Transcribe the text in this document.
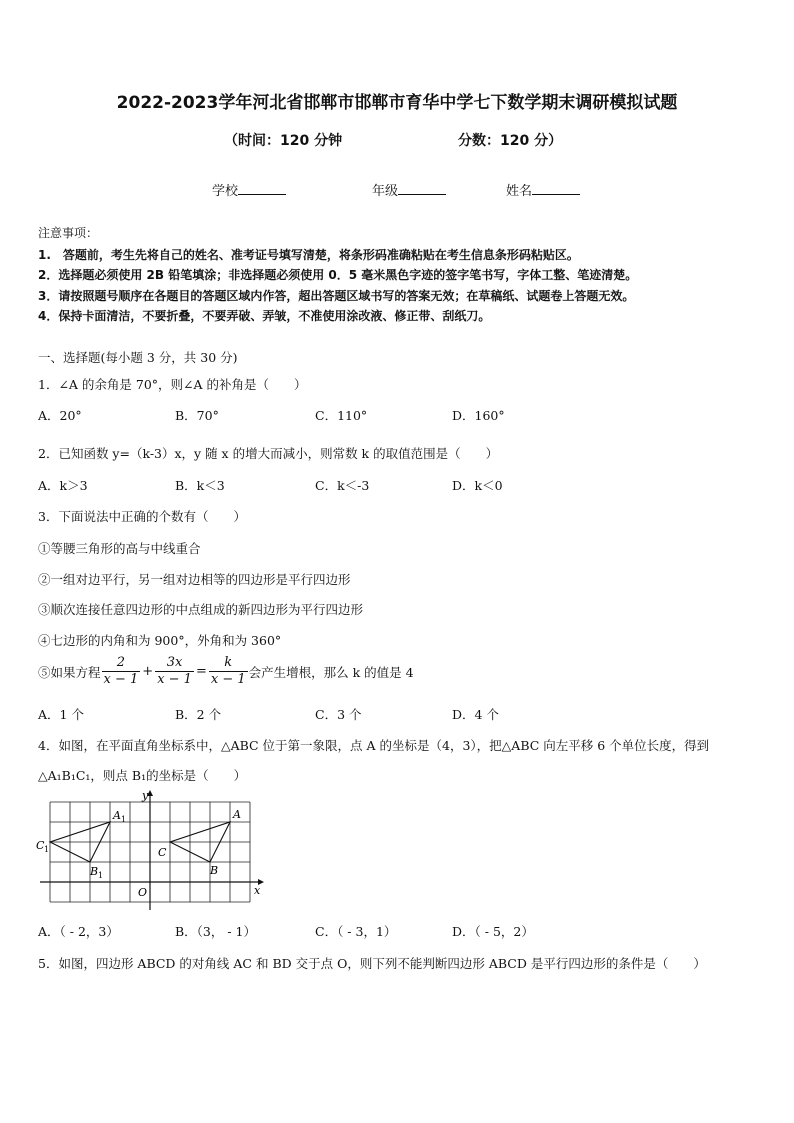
2022-2023学年河北省邯郸市邯郸市育华中学七下数学期末调研模拟试题
（时间：120 分钟	分数：120 分）
学校	年级	姓名
注意事项：
1.　答题前，考生先将自己的姓名、准考证号填写清楚，将条形码准确粘贴在考生信息条形码粘贴区。
2．选择题必须使用 2B 铅笔填涂；非选择题必须使用 0．5 毫米黑色字迹的签字笔书写，字体工整、笔迹清楚。
3．请按照题号顺序在各题目的答题区域内作答，超出答题区域书写的答案无效；在草稿纸、试题卷上答题无效。
4．保持卡面清洁，不要折叠，不要弄破、弄皱，不准使用涂改液、修正带、刮纸刀。
一、选择题(每小题 3 分，共 30 分)
1．∠A 的余角是 70°，则∠A 的补角是（　　）
A．20°	B．70°	C．110°	D．160°
2．已知函数 y=（k-3）x，y 随 x 的增大而减小，则常数 k 的取值范围是（　　）
A．k＞3	B．k＜3	C．k＜-3	D．k＜0
3．下面说法中正确的个数有（　　）
①等腰三角形的高与中线重合
②一组对边平行，另一组对边相等的四边形是平行四边形
③顺次连接任意四边形的中点组成的新四边形为平行四边形
④七边形的内角和为 900°，外角和为 360°
⑤如果方程 $\frac{2}{x - 1} + \frac{3x}{x - 1} = \frac{k}{x - 1}$ 会产生增根，那么 k 的值是 4
A．1 个	B．2 个	C．3 个	D．4 个
4．如图，在平面直角坐标系中，△ABC 位于第一象限，点 A 的坐标是（4，3），把△ABC 向左平移 6 个单位长度，得到
△A₁B₁C₁，则点 B₁的坐标是（　　）
y
x
O
A
B
C
A 1
B 1
C 1
A．（ - 2，3）	B．（3， - 1）	C．（ - 3，1）	D．（ - 5，2）
5．如图，四边形 ABCD 的对角线 AC 和 BD 交于点 O，则下列不能判断四边形 ABCD 是平行四边形的条件是（　　）
